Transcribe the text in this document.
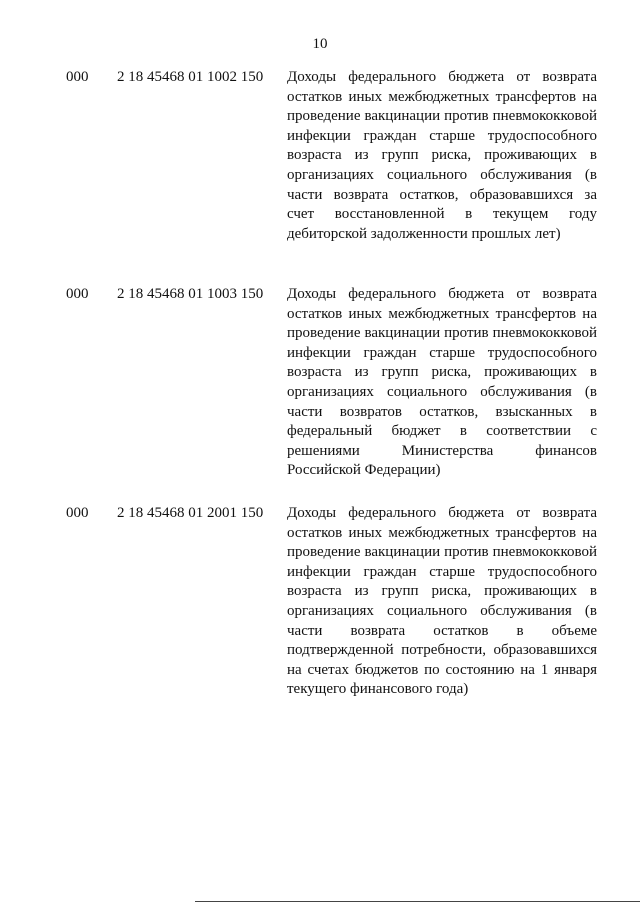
10
000 2 18 45468 01 1002 150 Доходы федерального бюджета от возврата остатков иных межбюджетных трансфертов на проведение вакцинации против пневмококковой инфекции граждан старше трудоспособного возраста из групп риска, проживающих в организациях социального обслуживания (в части возврата остатков, образовавшихся за счет восстановленной в текущем году дебиторской задолженности прошлых лет)

000 2 18 45468 01 1003 150 Доходы федерального бюджета от возврата остатков иных межбюджетных трансфертов на проведение вакцинации против пневмококковой инфекции граждан старше трудоспособного возраста из групп риска, проживающих в организациях социального обслуживания (в части возвратов остатков, взысканных в федеральный бюджет в соответствии с решениями Министерства финансов Российской Федерации)

000 2 18 45468 01 2001 150 Доходы федерального бюджета от возврата остатков иных межбюджетных трансфертов на проведение вакцинации против пневмококковой инфекции граждан старше трудоспособного возраста из групп риска, проживающих в организациях социального обслуживания (в части возврата остатков в объеме подтвержденной потребности, образовавшихся на счетах бюджетов по состоянию на 1 января текущего финансового года)
